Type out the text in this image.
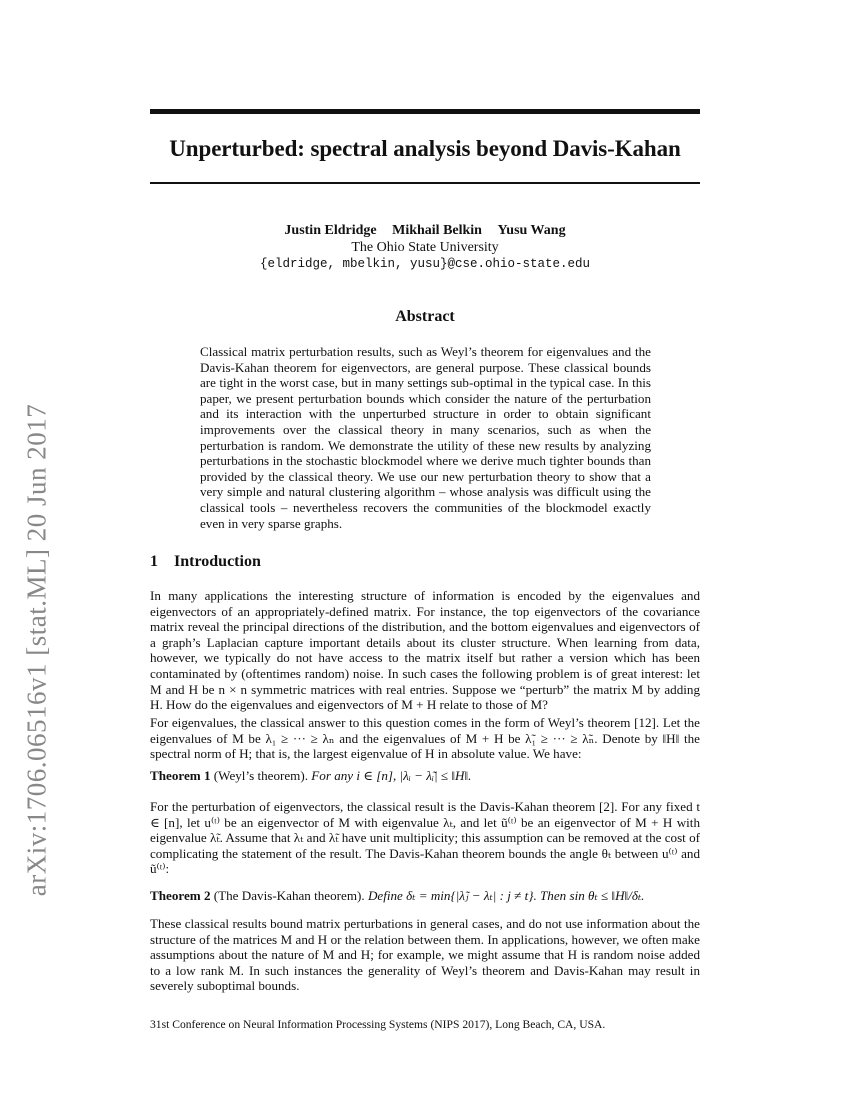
arXiv:1706.06516v1 [stat.ML] 20 Jun 2017
Unperturbed: spectral analysis beyond Davis-Kahan
Justin Eldridge Mikhail Belkin Yusu Wang
The Ohio State University
{eldridge, mbelkin, yusu}@cse.ohio-state.edu
Abstract
Classical matrix perturbation results, such as Weyl’s theorem for eigenvalues and the Davis-Kahan theorem for eigenvectors, are general purpose. These classical bounds are tight in the worst case, but in many settings sub-optimal in the typical case. In this paper, we present perturbation bounds which consider the nature of the perturbation and its interaction with the unperturbed structure in order to obtain significant improvements over the classical theory in many scenarios, such as when the perturbation is random. We demonstrate the utility of these new results by analyzing perturbations in the stochastic blockmodel where we derive much tighter bounds than provided by the classical theory. We use our new perturbation theory to show that a very simple and natural clustering algorithm – whose analysis was difficult using the classical tools – nevertheless recovers the communities of the blockmodel exactly even in very sparse graphs.
1 Introduction

In many applications the interesting structure of information is encoded by the eigenvalues and eigenvectors of an appropriately-defined matrix. For instance, the top eigenvectors of the covariance matrix reveal the principal directions of the distribution, and the bottom eigenvalues and eigenvectors of a graph’s Laplacian capture important details about its cluster structure. When learning from data, however, we typically do not have access to the matrix itself but rather a version which has been contaminated by (oftentimes random) noise. In such cases the following problem is of great interest: let M and H be n × n symmetric matrices with real entries. Suppose we “perturb” the matrix M by adding H. How do the eigenvalues and eigenvectors of M + H relate to those of M?

For eigenvalues, the classical answer to this question comes in the form of Weyl’s theorem [12]. Let the eigenvalues of M be λ₁ ≥ ··· ≥ λₙ and the eigenvalues of M + H be λ̃₁ ≥ ··· ≥ λ̃ₙ. Denote by ‖H‖ the spectral norm of H; that is, the largest eigenvalue of H in absolute value. We have:

Theorem 1 (Weyl’s theorem). For any i ∈ [n], |λᵢ − λ̃ᵢ| ≤ ‖H‖.

For the perturbation of eigenvectors, the classical result is the Davis-Kahan theorem [2]. For any fixed t ∈ [n], let u⁽ᵗ⁾ be an eigenvector of M with eigenvalue λₜ, and let ũ⁽ᵗ⁾ be an eigenvector of M + H with eigenvalue λ̃ₜ. Assume that λₜ and λ̃ₜ have unit multiplicity; this assumption can be removed at the cost of complicating the statement of the result. The Davis-Kahan theorem bounds the angle θₜ between u⁽ᵗ⁾ and ũ⁽ᵗ⁾:

Theorem 2 (The Davis-Kahan theorem). Define δₜ = min{|λ̃ⱼ − λₜ| : j ≠ t}. Then sin θₜ ≤ ‖H‖/δₜ.

These classical results bound matrix perturbations in general cases, and do not use information about the structure of the matrices M and H or the relation between them. In applications, however, we often make assumptions about the nature of M and H; for example, we might assume that H is random noise added to a low rank M. In such instances the generality of Weyl’s theorem and Davis-Kahan may result in severely suboptimal bounds.

31st Conference on Neural Information Processing Systems (NIPS 2017), Long Beach, CA, USA.
